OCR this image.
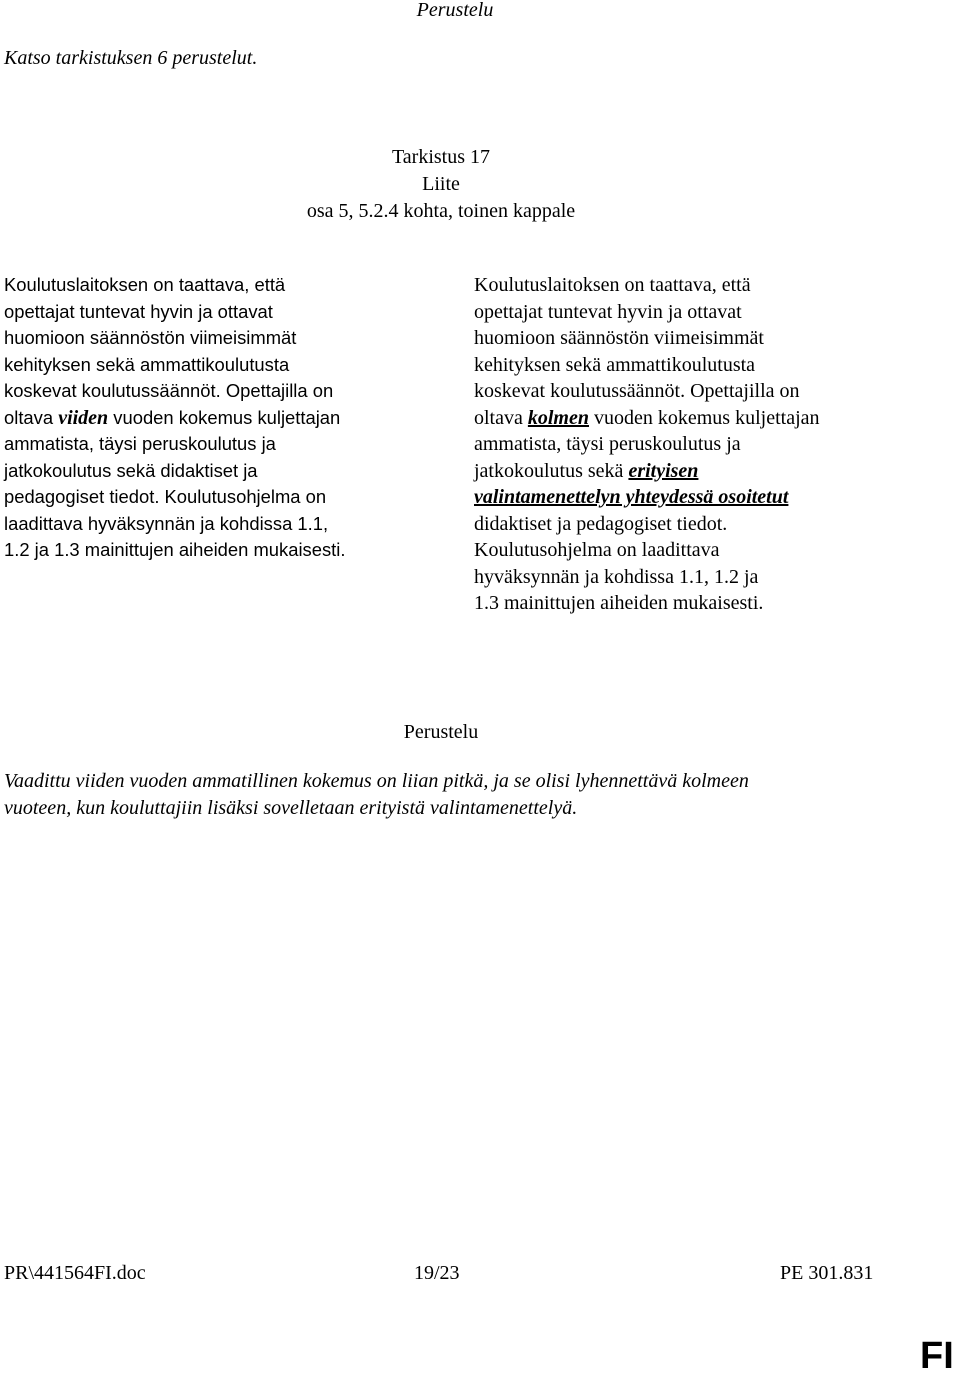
Perustelu
Katso tarkistuksen 6 perustelut.
Tarkistus 17
Liite
osa 5, 5.2.4 kohta, toinen kappale
Koulutuslaitoksen on taattava, että
opettajat tuntevat hyvin ja ottavat
huomioon säännöstön viimeisimmät
kehityksen sekä ammattikoulutusta
koskevat koulutussäännöt. Opettajilla on
oltava viiden vuoden kokemus kuljettajan
ammatista, täysi peruskoulutus ja
jatkokoulutus sekä didaktiset ja
pedagogiset tiedot. Koulutusohjelma on
laadittava hyväksynnän ja kohdissa 1.1,
1.2 ja 1.3 mainittujen aiheiden mukaisesti.
Koulutuslaitoksen on taattava, että
opettajat tuntevat hyvin ja ottavat
huomioon säännöstön viimeisimmät
kehityksen sekä ammattikoulutusta
koskevat koulutussäännöt. Opettajilla on
oltava kolmen vuoden kokemus kuljettajan
ammatista, täysi peruskoulutus ja
jatkokoulutus sekä erityisen
valintamenettelyn yhteydessä osoitetut
didaktiset ja pedagogiset tiedot.
Koulutusohjelma on laadittava
hyväksynnän ja kohdissa 1.1, 1.2 ja
1.3 mainittujen aiheiden mukaisesti.
Perustelu
Vaadittu viiden vuoden ammatillinen kokemus on liian pitkä, ja se olisi lyhennettävä kolmeen
vuoteen, kun kouluttajiin lisäksi sovelletaan erityistä valintamenettelyä.
PR\441564FI.doc	19/23	PE 301.831
FI
